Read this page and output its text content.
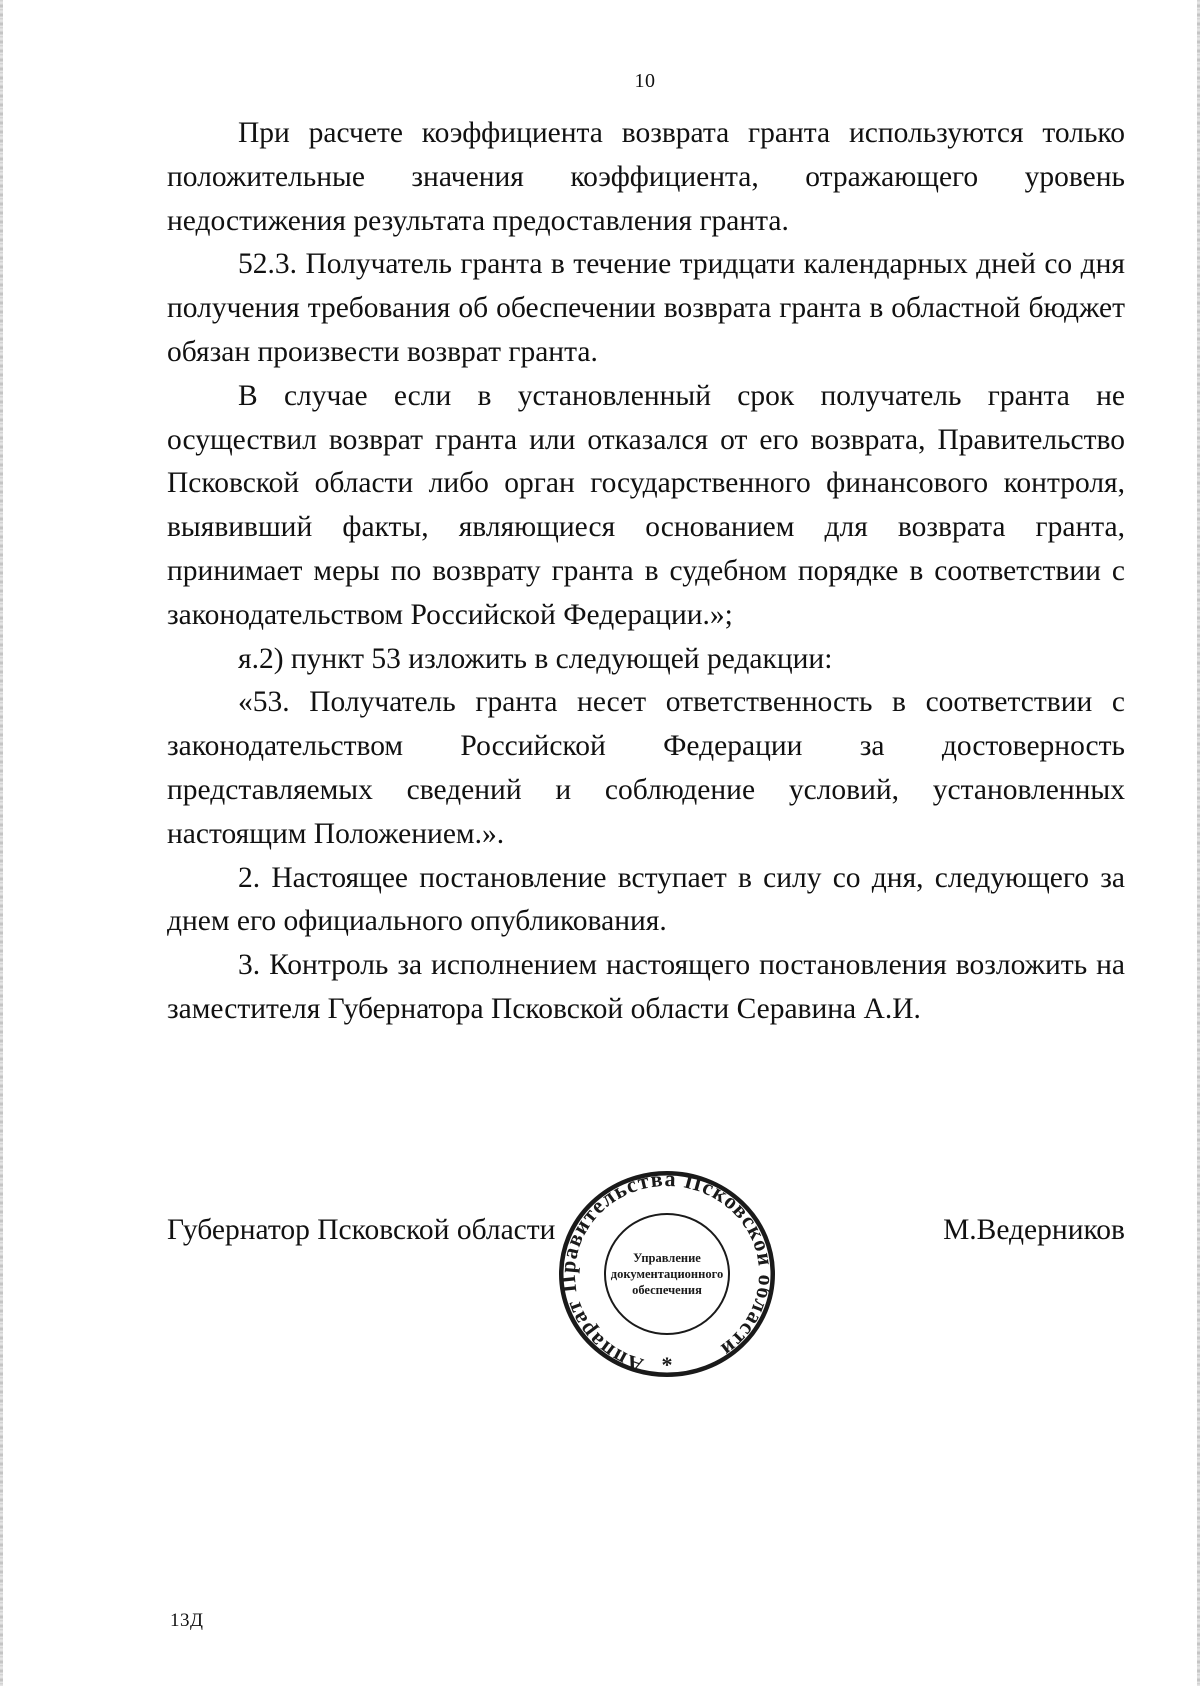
10

При расчете коэффициента возврата гранта используются только положительные значения коэффициента, отражающего уровень недостижения результата предоставления гранта.

52.3. Получатель гранта в течение тридцати календарных дней со дня получения требования об обеспечении возврата гранта в областной бюджет обязан произвести возврат гранта.

В случае если в установленный срок получатель гранта не осуществил возврат гранта или отказался от его возврата, Правительство Псковской области либо орган государственного финансового контроля, выявивший факты, являющиеся основанием для возврата гранта, принимает меры по возврату гранта в судебном порядке в соответствии с законодательством Российской Федерации.»;

я.2) пункт 53 изложить в следующей редакции:

«53. Получатель гранта несет ответственность в соответствии с законодательством Российской Федерации за достоверность представляемых сведений и соблюдение условий, установленных настоящим Положением.».

2. Настоящее постановление вступает в силу со дня, следующего за днем его официального опубликования.

3. Контроль за исполнением настоящего постановления возложить на заместителя Губернатора Псковской области Серавина А.И.

Губернатор Псковской области	М.Ведерников
Аппарат Правительства Псковской области
Управление
документационного
обеспечения
*
13Д
